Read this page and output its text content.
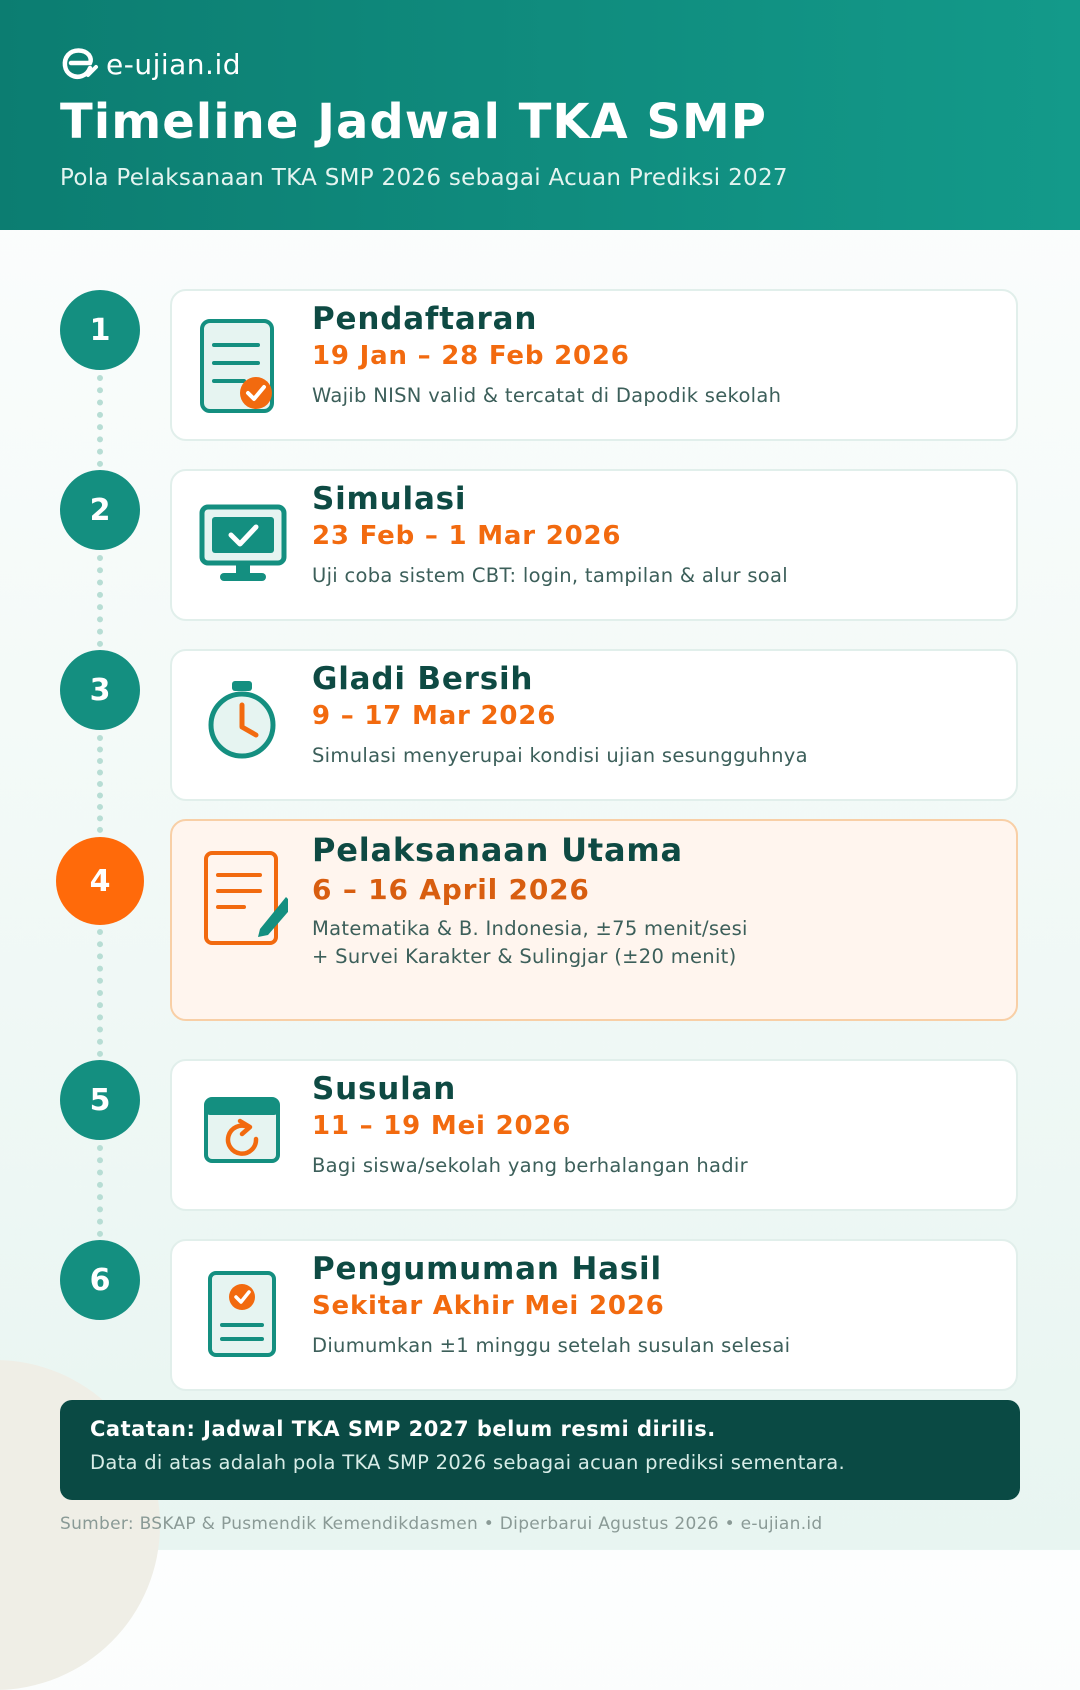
e-ujian.id
Timeline Jadwal TKA SMP

Pola Pelaksanaan TKA SMP 2026 sebagai Acuan Prediksi 2027

1	Pendaftaran
19 Jan – 28 Feb 2026
Wajib NISN valid & tercatat di Dapodik sekolah
2	Simulasi
23 Feb – 1 Mar 2026
Uji coba sistem CBT: login, tampilan & alur soal
3	Gladi Bersih
9 – 17 Mar 2026
Simulasi menyerupai kondisi ujian sesungguhnya
4
Pelaksanaan Utama
6 – 16 April 2026
Matematika & B. Indonesia, ±75 menit/sesi
+ Survei Karakter & Sulingjar (±20 menit)
5	Susulan
11 – 19 Mei 2026
Bagi siswa/sekolah yang berhalangan hadir
6	Pengumuman Hasil
Sekitar Akhir Mei 2026
Diumumkan ±1 minggu setelah susulan selesai
Catatan: Jadwal TKA SMP 2027 belum resmi dirilis.
Data di atas adalah pola TKA SMP 2026 sebagai acuan prediksi sementara.
Sumber: BSKAP & Pusmendik Kemendikdasmen • Diperbarui Agustus 2026 • e-ujian.id
